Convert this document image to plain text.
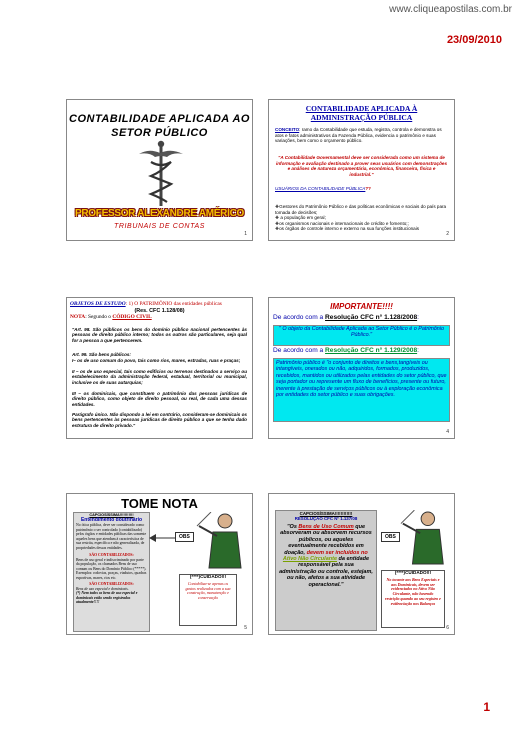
www.cliqueapostilas.com.br
23/09/2010
CONTABILIDADE APLICADA AO
SETOR PÚBLICO
PROFESSOR ALEXANDRE AMÉRICO
TRIBUNAIS DE CONTAS
1
CONTABILIDADE APLICADA À
ADMINISTRAÇÃO PÚBLICA
CONCEITO: ramo da Contabilidade que estuda, registra, controla e demonstra os atos e fatos administrativos da Fazenda Pública, evidencia o patrimônio e suas variações, bem como o orçamento público.
"A Contabilidade Governamental deve ser considerada como um sistema de informação e avaliação destinado a prover seus usuários com demonstrações e análises de natureza orçamentária, econômica, financeira, física e industrial."
USUÁRIOS DA CONTABILIDADE PÚBLICA??
❖Gestores do Patrimônio Público e das políticas econômicas e sociais do país para tomada de decisões;
❖ a população em geral;
❖os organismos nacionais e internacionais de crédito e fomento;;
❖os órgãos de controle interno e externo na sua funções institucionais
2
OBJETOS DE ESTUDO: 1) O PATRIMÔNIO das entidades públicas
(Res. CFC 1.128/08)
NOTA: Segundo o CÓDIGO CIVIL
"Art. 98. São públicos os bens do domínio público nacional pertencentes às pessoas de direito público interno; todos os outros são particulares, seja qual for a pessoa a que pertencerem.
Art. 99. São bens públicos:
I– os de uso comum do povo, tais como rios, mares, estradas, ruas e praças;
II – os de uso especial, tais como edifícios ou terrenos destinados a serviço ou estabelecimento da administração federal, estadual, territorial ou municipal, inclusive os de suas autarquias;
III – os dominicais, que constituem o patrimônio das pessoas jurídicas de direito público, como objeto de direito pessoal, ou real, de cada uma dessas entidades.
Parágrafo único. Não dispondo a lei em contrário, consideram-se dominicais os bens pertencentes às pessoas jurídicas de direito público a que se tenha dado estrutura de direito privado."
IMPORTANTE!!!!
De acordo com a Resolução CFC n° 1.128/2008:
" O objeto da Contabilidade Aplicada ao Setor Público é o Patrimônio Público."
De acordo com a Resolução CFC n° 1.129/2008:
Patrimônio público é "o conjunto de direitos e bens,tangíveis ou intangíveis, onerados ou não, adquiridos, formados, produzidos, recebidos, mantidos ou utilizados pelas entidades do setor público, que seja portador ou represente um fluxo de benefícios, presente ou futuro, inerente à prestação de serviços públicos ou à exploração econômica por entidades do setor público e suas obrigações.
4
TOME NOTA
CAPCIOSÍSSIMA!!!!!!!!!!!
Entendimento doutrinário
No ótica pública, deve ser considerado como patrimônio o ser controlado (contabilizado) pelos órgãos e entidades públicas das somente aqueles bens que atendam à característica de sua restrita, específica e não generalizada, de propriedades dessas entidades.
SÃO CONTABILIZADOS:
Bens de uso geral e indiscriminado por parte da população, os chamados Bens de uso comum ou Bens do Domínio Público (*****). Exemplos: rodovias, praças, viadutos, quadras esportivas, mares, rios etc.
SÃO CONTABILIZADOS:
Bens de uso especial e dominicais.
(*) Nem todos os bens de uso especial e dominicais estão sendo registrados atualmente!!!!
OBS
(****)CUIDADO!!!
Contabiliza-se apenas os gastos realizados com a sua construção, manutenção e conservação
5
CAPCIOSÍSSIMA!!!!!!!!!!!!
RESOLUÇÃO CFC Nº 1.137/08
"Os Bens de Uso Comum que absorveram ou absorvem recursos públicos, ou aqueles eventualmente recebidos em doação, devem ser incluídos no Ativo Não Circulante da entidade responsável pela sua administração ou controle, estejam, ou não, afetos a sua atividade operacional."
OBS
(****)CUIDADO!!!
No tocante aos Bens Especiais e aos Dominicais, devem ser evidenciados no Ativo Não Circulante, não havendo restrição quando ao seu registro e evidenciação nos Balanços
6
1
